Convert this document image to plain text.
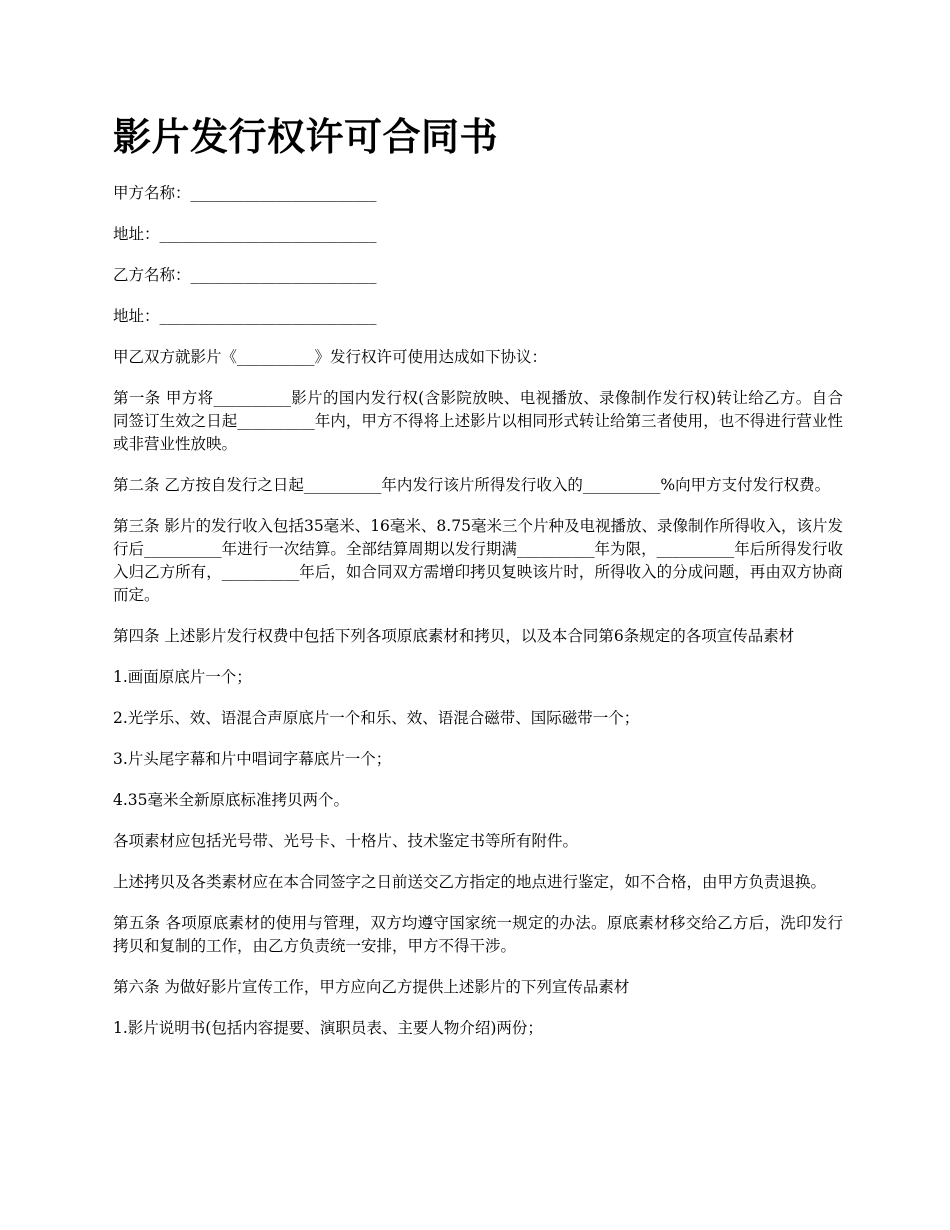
影片发行权许可合同书

甲方名称：________________________

地址：____________________________

乙方名称：________________________

地址：____________________________

甲乙双方就影片《__________》发行权许可使用达成如下协议：

第一条 甲方将__________影片的国内发行权(含影院放映、电视播放、录像制作发行权)转让给乙方。自合同签订生效之日起__________年内，甲方不得将上述影片以相同形式转让给第三者使用，也不得进行营业性或非营业性放映。

第二条 乙方按自发行之日起__________年内发行该片所得发行收入的__________%向甲方支付发行权费。

第三条 影片的发行收入包括35毫米、16毫米、8.75毫米三个片种及电视播放、录像制作所得收入，该片发行后__________年进行一次结算。全部结算周期以发行期满__________年为限，__________年后所得发行收入归乙方所有，__________年后，如合同双方需增印拷贝复映该片时，所得收入的分成问题，再由双方协商而定。

第四条 上述影片发行权费中包括下列各项原底素材和拷贝，以及本合同第6条规定的各项宣传品素材

1.画面原底片一个；

2.光学乐、效、语混合声原底片一个和乐、效、语混合磁带、国际磁带一个；

3.片头尾字幕和片中唱词字幕底片一个；

4.35毫米全新原底标准拷贝两个。

各项素材应包括光号带、光号卡、十格片、技术鉴定书等所有附件。

上述拷贝及各类素材应在本合同签字之日前送交乙方指定的地点进行鉴定，如不合格，由甲方负责退换。

第五条 各项原底素材的使用与管理，双方均遵守国家统一规定的办法。原底素材移交给乙方后，洗印发行拷贝和复制的工作，由乙方负责统一安排，甲方不得干涉。

第六条 为做好影片宣传工作，甲方应向乙方提供上述影片的下列宣传品素材

1.影片说明书(包括内容提要、演职员表、主要人物介绍)两份；
